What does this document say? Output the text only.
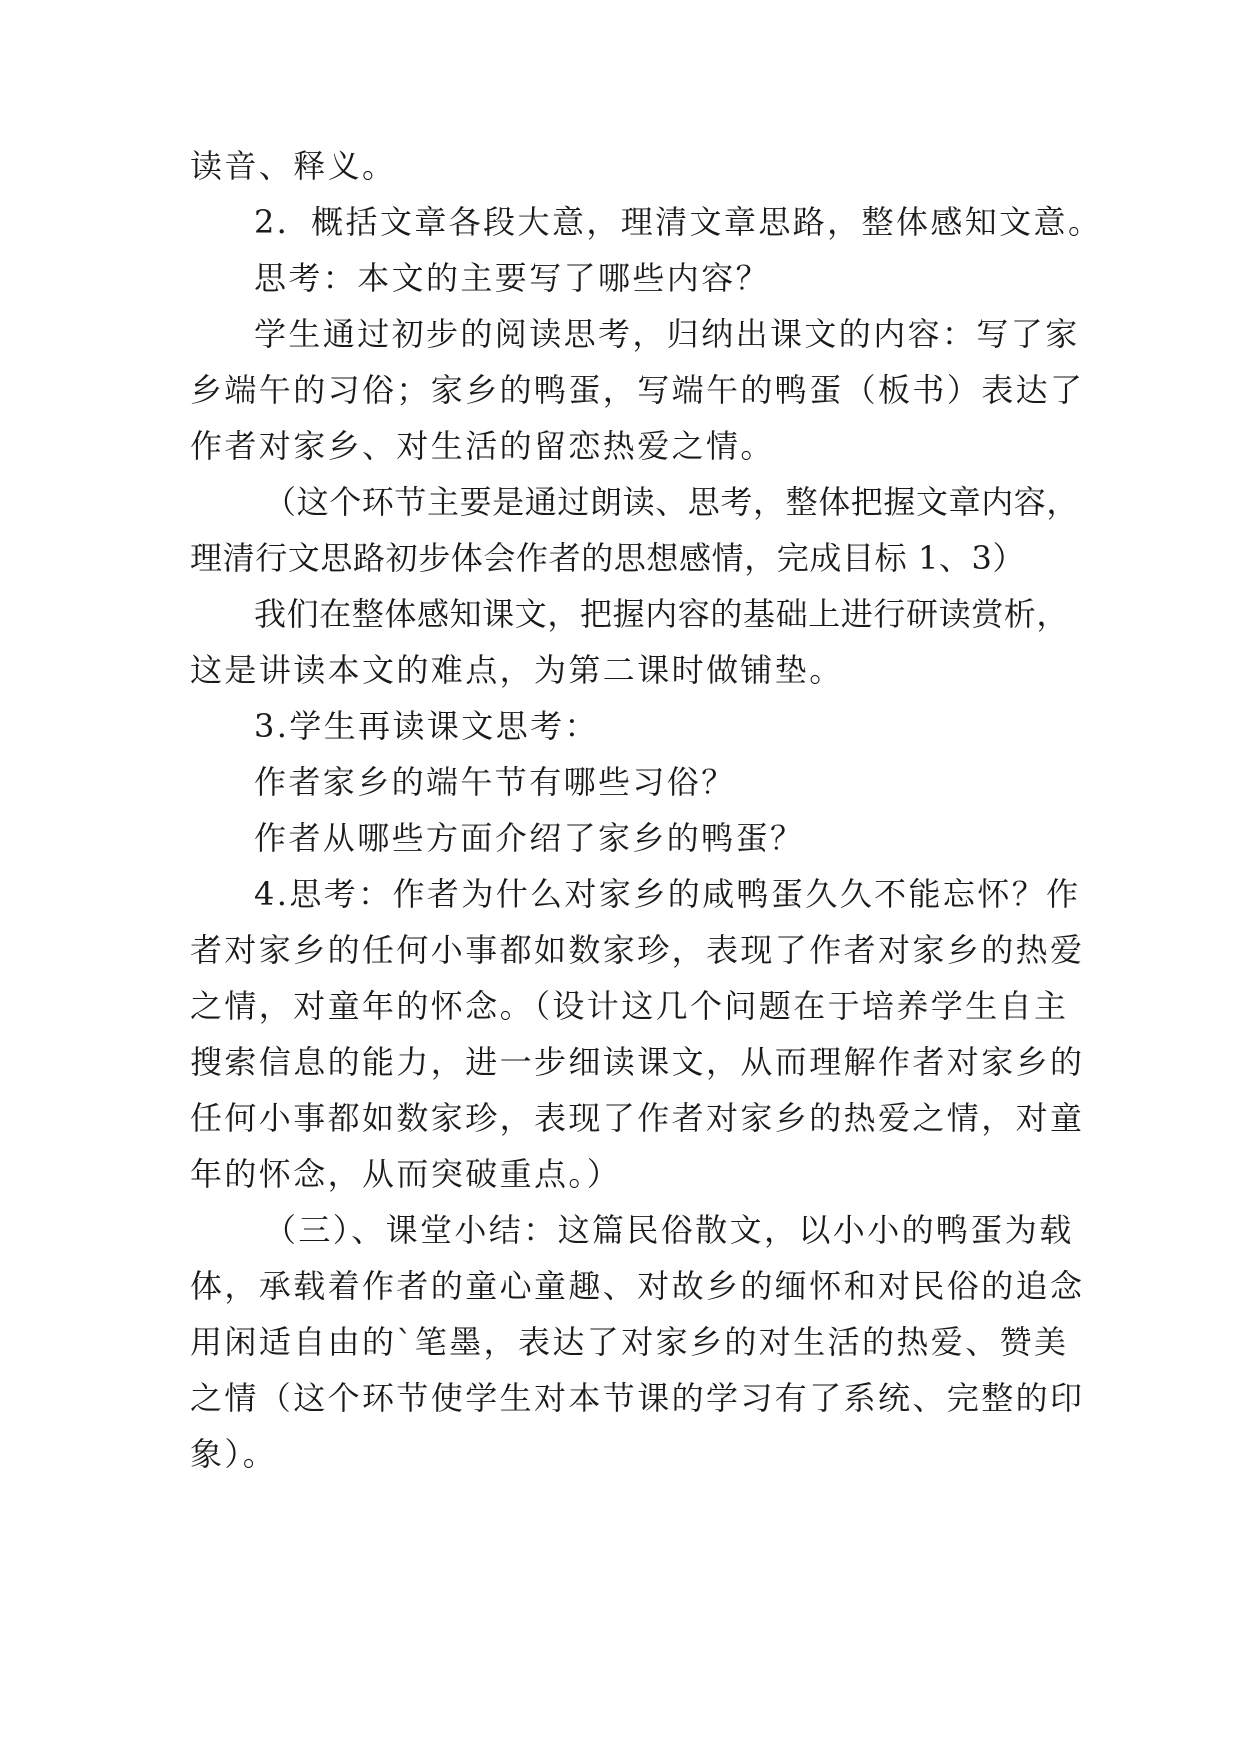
读音、释义。
2．概括文章各段大意，理清文章思路，整体感知文意。
思考：本文的主要写了哪些内容？
学生通过初步的阅读思考，归纳出课文的内容：写了家
乡端午的习俗；家乡的鸭蛋，写端午的鸭蛋（板书）表达了
作者对家乡、对生活的留恋热爱之情。
（这个环节主要是通过朗读、思考，整体把握文章内容，
理清行文思路初步体会作者的思想感情，完成目标 1、3）
我们在整体感知课文，把握内容的基础上进行研读赏析，
这是讲读本文的难点，为第二课时做铺垫。
3.学生再读课文思考：
作者家乡的端午节有哪些习俗？
作者从哪些方面介绍了家乡的鸭蛋？
4.思考：作者为什么对家乡的咸鸭蛋久久不能忘怀？作
者对家乡的任何小事都如数家珍，表现了作者对家乡的热爱
之情，对童年的怀念。（设计这几个问题在于培养学生自主
搜索信息的能力，进一步细读课文，从而理解作者对家乡的
任何小事都如数家珍，表现了作者对家乡的热爱之情，对童
年的怀念，从而突破重点。）
（三）、课堂小结：这篇民俗散文，以小小的鸭蛋为载
体，承载着作者的童心童趣、对故乡的缅怀和对民俗的追念
用闲适自由的`笔墨，表达了对家乡的对生活的热爱、赞美
之情（这个环节使学生对本节课的学习有了系统、完整的印
象）。
